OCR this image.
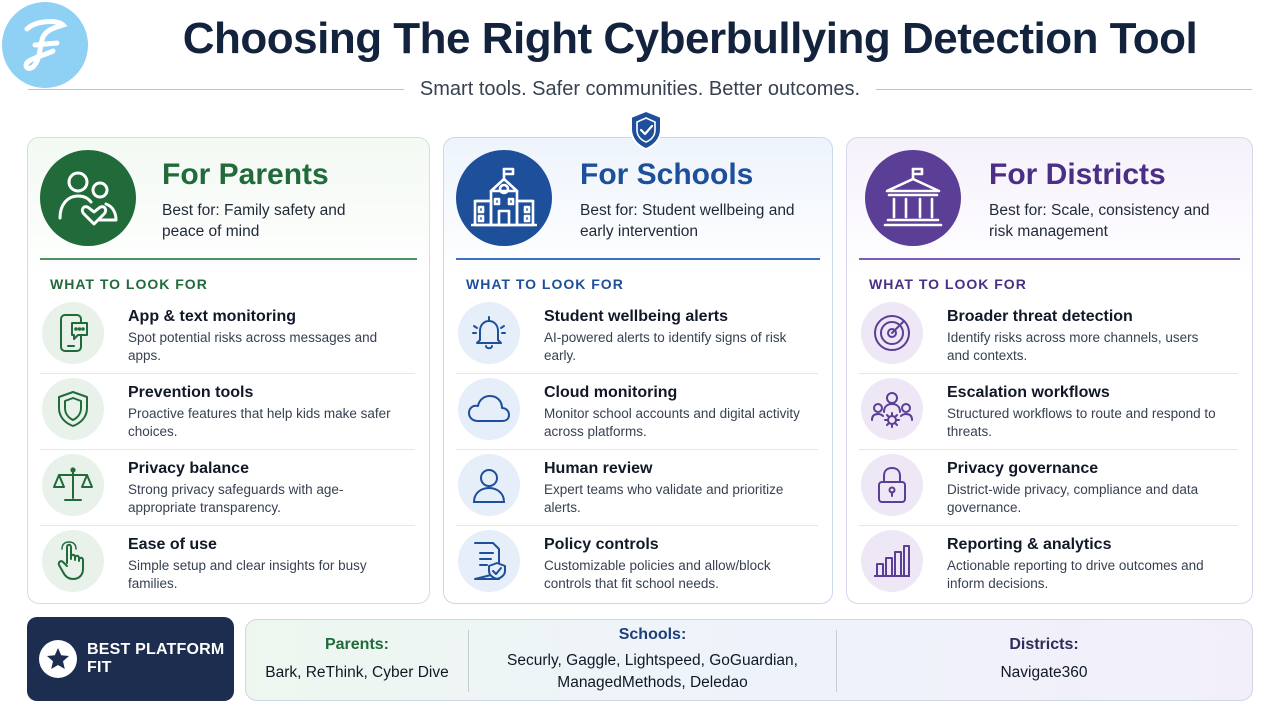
Choosing The Right Cyberbullying Detection Tool
Smart tools. Safer communities. Better outcomes.
For Parents

Best for: Family safety and peace of mind

WHAT TO LOOK FOR
App & text monitoring
Spot potential risks across messages and apps.
Prevention tools
Proactive features that help kids make safer choices.
Privacy balance
Strong privacy safeguards with age-appropriate transparency.
Ease of use
Simple setup and clear insights for busy families.
For Schools

Best for: Student wellbeing and early intervention

WHAT TO LOOK FOR
Student wellbeing alerts
AI-powered alerts to identify signs of risk early.
Cloud monitoring
Monitor school accounts and digital activity across platforms.
Human review
Expert teams who validate and prioritize alerts.
Policy controls
Customizable policies and allow/block controls that fit school needs.
For Districts

Best for: Scale, consistency and risk management

WHAT TO LOOK FOR
Broader threat detection
Identify risks across more channels, users and contexts.
Escalation workflows
Structured workflows to route and respond to threats.
Privacy governance
District-wide privacy, compliance and data governance.
Reporting & analytics
Actionable reporting to drive outcomes and inform decisions.
BEST PLATFORM FIT
Parents:
Bark, ReThink, Cyber Dive
Schools:
Securly, Gaggle, Lightspeed, GoGuardian, ManagedMethods, Deledao
Districts:
Navigate360
